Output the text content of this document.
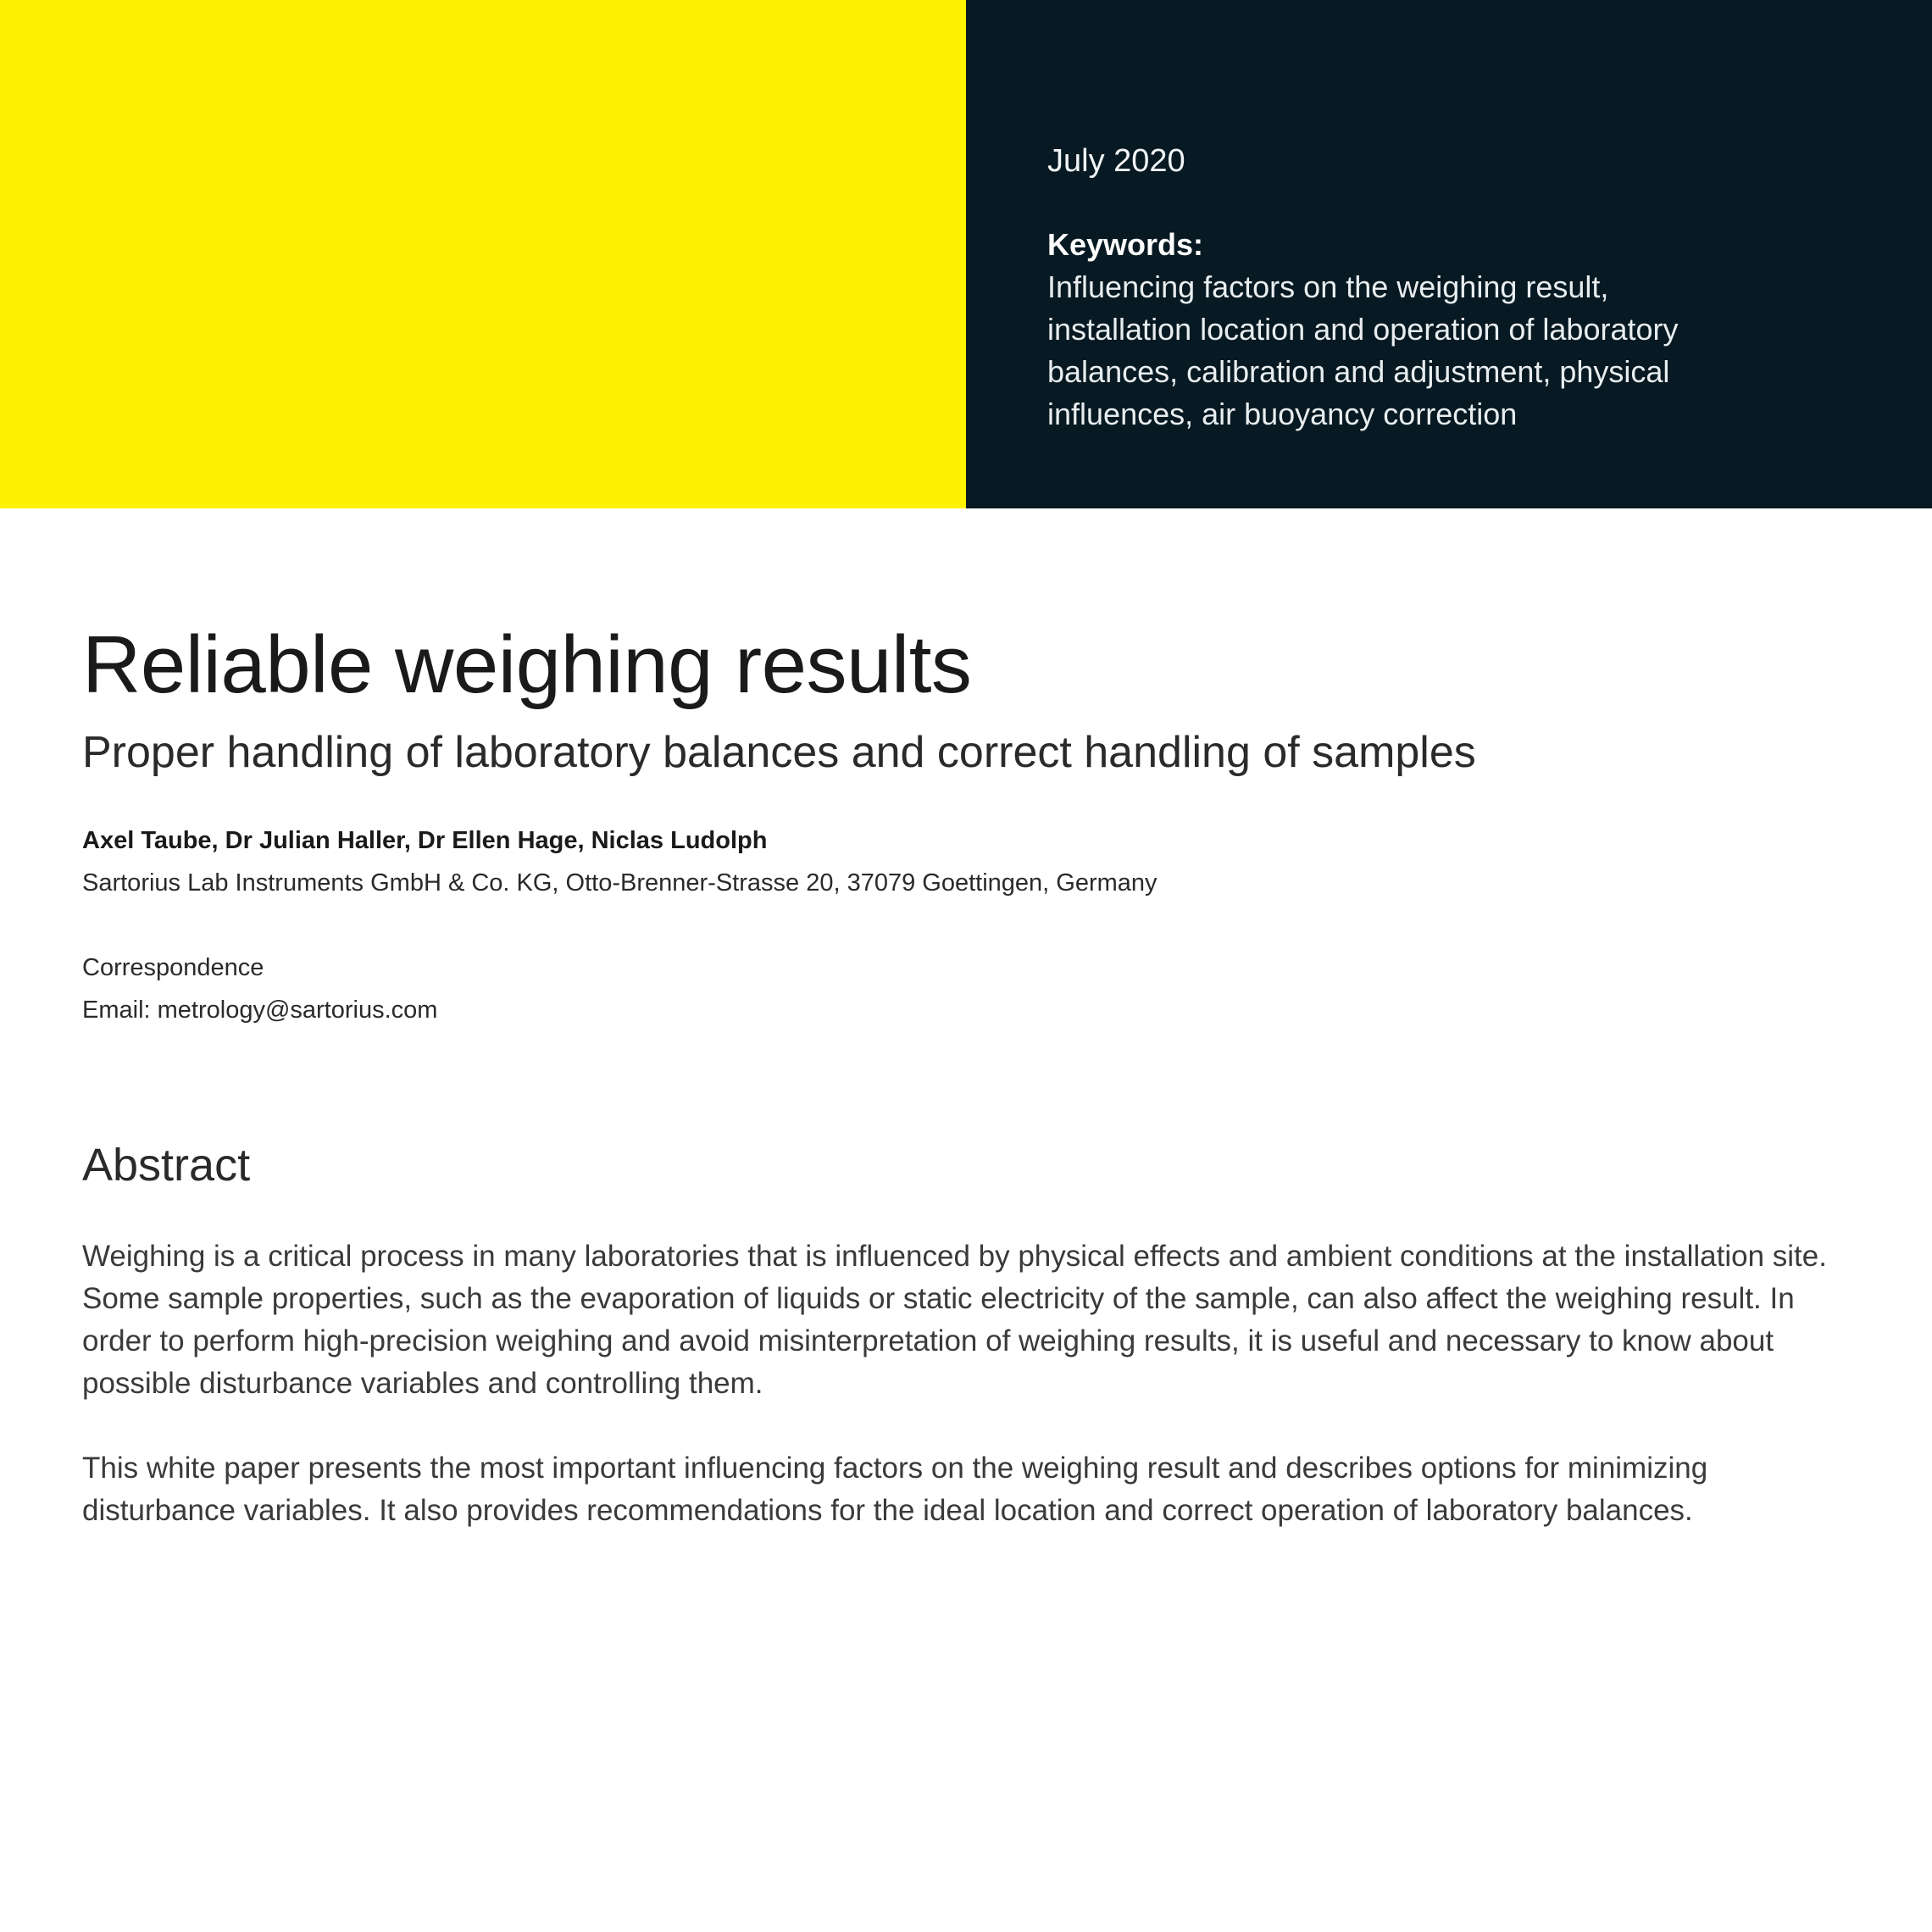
July 2020
Keywords:
Influencing factors on the weighing result, installation location and operation of laboratory balances, calibration and adjustment, physical influences, air buoyancy correction
Reliable weighing results
Proper handling of laboratory balances and correct handling of samples
Axel Taube, Dr Julian Haller, Dr Ellen Hage, Niclas Ludolph
Sartorius Lab Instruments GmbH & Co. KG, Otto-Brenner-Strasse 20, 37079 Goettingen, Germany
Correspondence
Email: metrology@sartorius.com
Abstract

Weighing is a critical process in many laboratories that is influenced by physical effects and ambient conditions at the installation site. Some sample properties, such as the evaporation of liquids or static electricity of the sample, can also affect the weighing result. In order to perform high-precision weighing and avoid misinterpretation of weighing results, it is useful and necessary to know about possible disturbance variables and controlling them.

This white paper presents the most important influencing factors on the weighing result and describes options for minimizing disturbance variables. It also provides recommendations for the ideal location and correct operation of laboratory balances.
